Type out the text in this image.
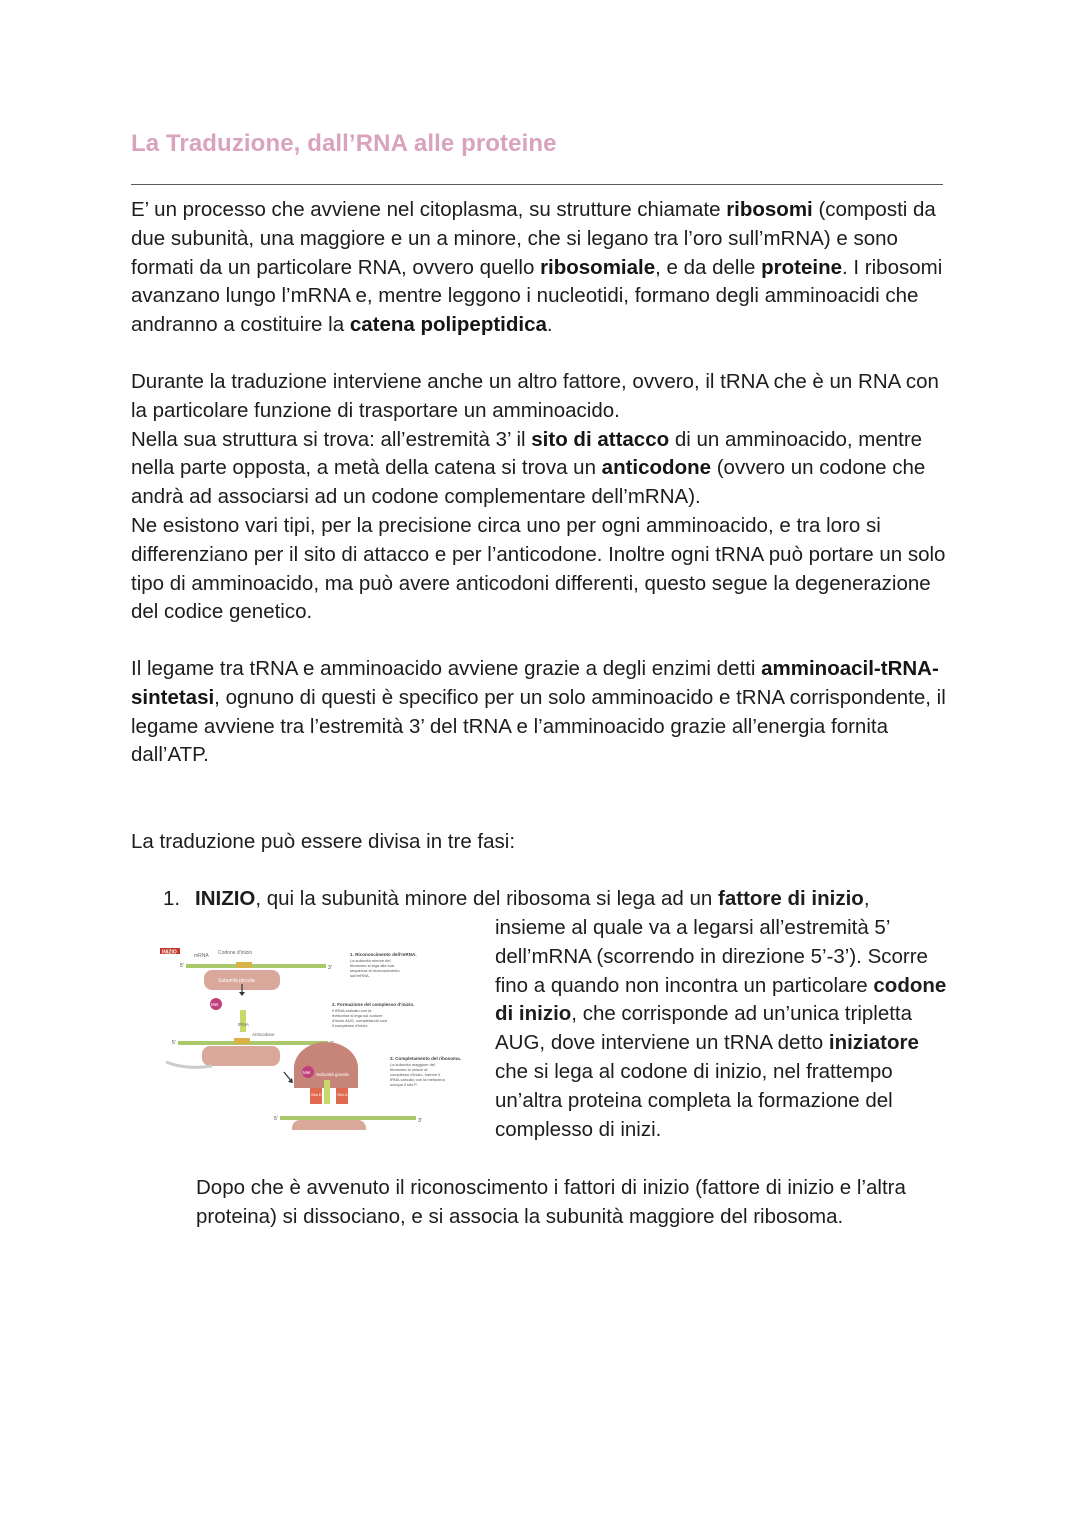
La Traduzione, dall’RNA alle proteine

E’ un processo che avviene nel citoplasma, su strutture chiamate ribosomi (composti da due subunità, una maggiore e un a minore, che si legano tra l’oro sull’mRNA) e sono formati da un particolare RNA, ovvero quello ribosomiale, e da delle proteine. I ribosomi avanzano lungo l’mRNA e, mentre leggono i nucleotidi, formano degli amminoacidi che andranno a costituire la catena polipeptidica.

Durante la traduzione interviene anche un altro fattore, ovvero, il tRNA che è un RNA con la particolare funzione di trasportare un amminoacido.
Nella sua struttura si trova: all’estremità 3’ il sito di attacco di un amminoacido, mentre nella parte opposta, a metà della catena si trova un anticodone (ovvero un codone che andrà ad associarsi ad un codone complementare dell’mRNA).
Ne esistono vari tipi, per la precisione circa uno per ogni amminoacido, e tra loro si differenziano per il sito di attacco e per l’anticodone. Inoltre ogni tRNA può portare un solo tipo di amminoacido, ma può avere anticodoni differenti, questo segue la degenerazione del codice genetico.

Il legame tra tRNA e amminoacido avviene grazie a degli enzimi detti amminoacil-tRNA-sintetasi, ognuno di questi è specifico per un solo amminoacido e tRNA corrispondente, il legame avviene tra l’estremità 3’ del tRNA e l’amminoacido grazie all’energia fornita dall’ATP.

La traduzione può essere divisa in tre fasi:

1. INIZIO, qui la subunità minore del ribosoma si lega ad un fattore di inizio,

insieme al quale va a legarsi all’estremità 5’ dell’mRNA (scorrendo in direzione 5’-3’). Scorre fino a quando non incontra un particolare codone di inizio, che corrisponde ad un’unica tripletta AUG, dove interviene un tRNA detto iniziatore che si lega al codone di inizio, nel frattempo un’altra proteina completa la formazione del complesso di inizi.

Dopo che è avvenuto il riconoscimento i fattori di inizio (fattore di inizio e l’altra proteina) si dissociano, e si associa la subunità maggiore del ribosoma.

INIZIO
mRNA Codone d’inizio
5’	3’
Subunità piccola
1. Riconoscimento dell’mRNA.
La subunità minore del ribosoma si lega alla sua sequenza di riconoscimento sull’mRNA.
Met
tRNA
Anticodone
5’
2. Formazione del complesso d’inizio.
Il tRNA caricato con la metionina si lega sul codone d’inizio AUG, completando così il complesso d’inizio.
Subunità grande
Met
Sito E	Sito A
5’	3’
3. Completamento del ribosoma.
La subunità maggiore del ribosoma si unisce al complesso d’inizio, mentre il tRNA caricato con la metionina occupa il sito P.
